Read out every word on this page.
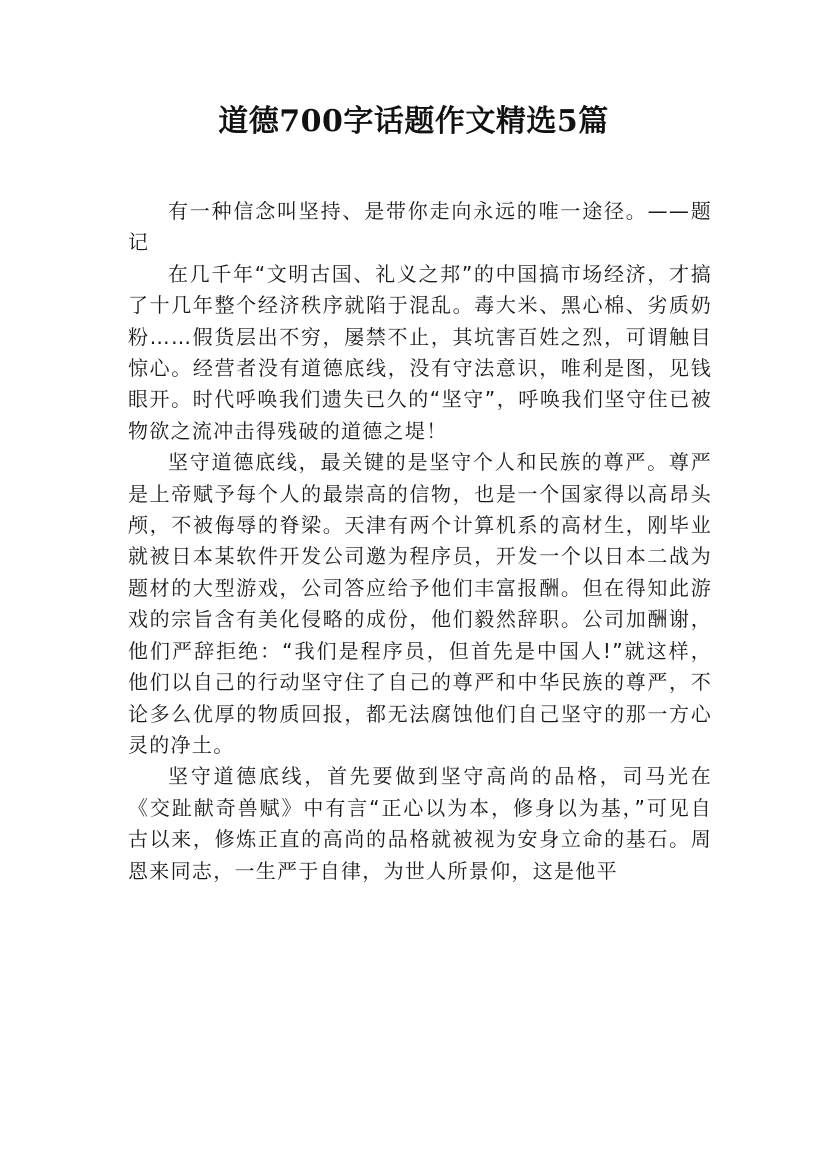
道德700字话题作文精选5篇

有一种信念叫坚持、是带你走向永远的唯一途径。——题记

在几千年“文明古国、礼义之邦”的中国搞市场经济，才搞了十几年整个经济秩序就陷于混乱。毒大米、黑心棉、劣质奶粉……假货层出不穷，屡禁不止，其坑害百姓之烈，可谓触目惊心。经营者没有道德底线，没有守法意识，唯利是图，见钱眼开。时代呼唤我们遗失已久的“坚守”，呼唤我们坚守住已被物欲之流冲击得残破的道德之堤！

坚守道德底线，最关键的是坚守个人和民族的尊严。尊严是上帝赋予每个人的最崇高的信物，也是一个国家得以高昂头颅，不被侮辱的脊梁。天津有两个计算机系的高材生，刚毕业就被日本某软件开发公司邀为程序员，开发一个以日本二战为题材的大型游戏，公司答应给予他们丰富报酬。但在得知此游戏的宗旨含有美化侵略的成份，他们毅然辞职。公司加酬谢，他们严辞拒绝：“我们是程序员，但首先是中国人!”就这样，他们以自己的行动坚守住了自己的尊严和中华民族的尊严，不论多么优厚的物质回报，都无法腐蚀他们自己坚守的那一方心灵的净土。

坚守道德底线，首先要做到坚守高尚的品格，司马光在《交趾献奇兽赋》中有言“正心以为本，修身以为基，”可见自古以来，修炼正直的高尚的品格就被视为安身立命的基石。周恩来同志，一生严于自律，为世人所景仰，这是他平
